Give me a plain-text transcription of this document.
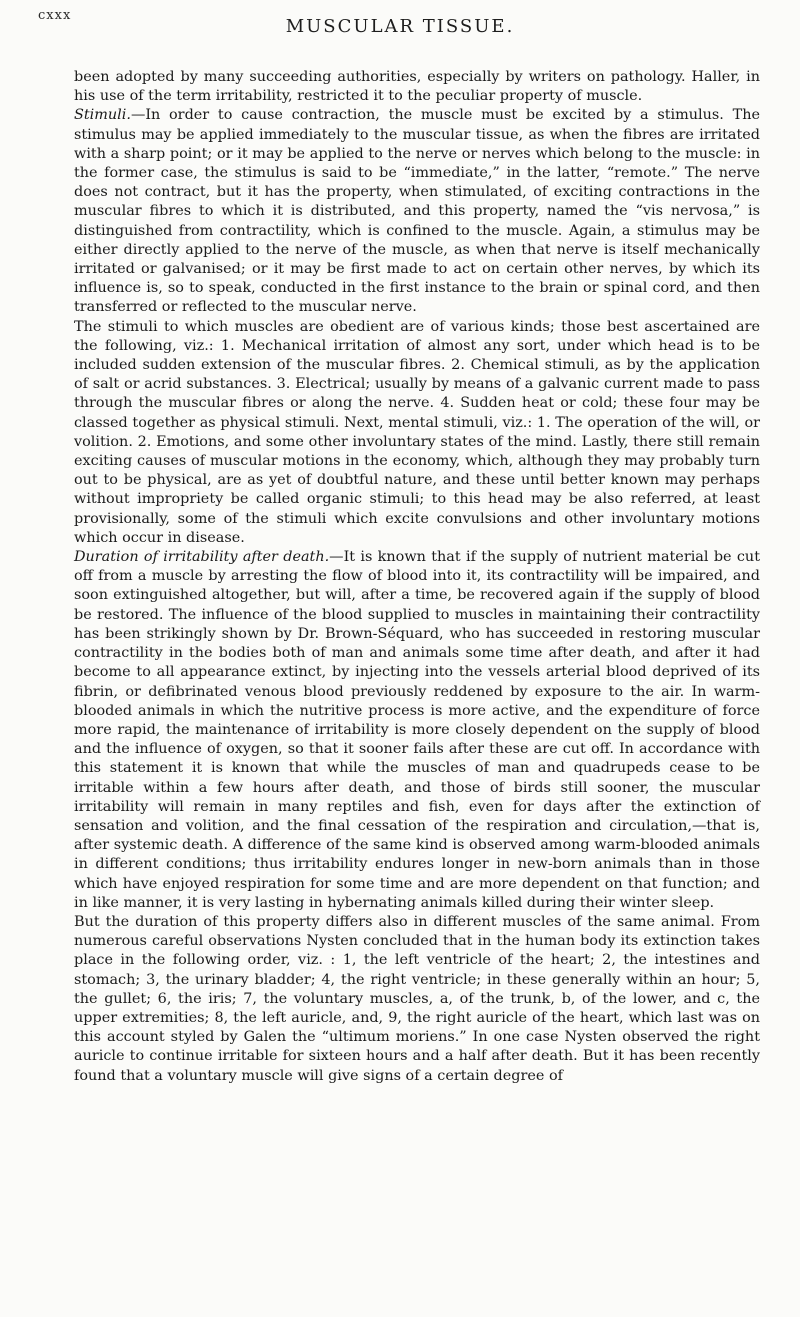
cxxx
MUSCULAR TISSUE.

been adopted by many succeeding authorities, especially by writers on pathology. Haller, in his use of the term irritability, restricted it to the peculiar property of muscle.

Stimuli.—In order to cause contraction, the muscle must be excited by a stimulus. The stimulus may be applied immediately to the muscular tissue, as when the fibres are irritated with a sharp point; or it may be applied to the nerve or nerves which belong to the muscle: in the former case, the stimulus is said to be “immediate,” in the latter, “remote.” The nerve does not contract, but it has the property, when stimulated, of exciting contractions in the muscular fibres to which it is distributed, and this property, named the “vis nervosa,” is distinguished from contractility, which is confined to the muscle. Again, a stimulus may be either directly applied to the nerve of the muscle, as when that nerve is itself mechanically irritated or galvanised; or it may be first made to act on certain other nerves, by which its influence is, so to speak, conducted in the first instance to the brain or spinal cord, and then transferred or reflected to the muscular nerve.

The stimuli to which muscles are obedient are of various kinds; those best ascertained are the following, viz.: 1. Mechanical irritation of almost any sort, under which head is to be included sudden extension of the muscular fibres. 2. Chemical stimuli, as by the application of salt or acrid substances. 3. Electrical; usually by means of a galvanic current made to pass through the muscular fibres or along the nerve. 4. Sudden heat or cold; these four may be classed together as physical stimuli. Next, mental stimuli, viz.: 1. The operation of the will, or volition. 2. Emotions, and some other involuntary states of the mind. Lastly, there still remain exciting causes of muscular motions in the economy, which, although they may probably turn out to be physical, are as yet of doubtful nature, and these until better known may perhaps without impropriety be called organic stimuli; to this head may be also referred, at least provisionally, some of the stimuli which excite convulsions and other involuntary motions which occur in disease.

Duration of irritability after death.—It is known that if the supply of nutrient material be cut off from a muscle by arresting the flow of blood into it, its contractility will be impaired, and soon extinguished altogether, but will, after a time, be recovered again if the supply of blood be restored. The influence of the blood supplied to muscles in maintaining their contractility has been strikingly shown by Dr. Brown-Séquard, who has succeeded in restoring muscular contractility in the bodies both of man and animals some time after death, and after it had become to all appearance extinct, by injecting into the vessels arterial blood deprived of its fibrin, or defibrinated venous blood previously reddened by exposure to the air. In warm-blooded animals in which the nutritive process is more active, and the expenditure of force more rapid, the maintenance of irritability is more closely dependent on the supply of blood and the influence of oxygen, so that it sooner fails after these are cut off. In accordance with this statement it is known that while the muscles of man and quadrupeds cease to be irritable within a few hours after death, and those of birds still sooner, the muscular irritability will remain in many reptiles and fish, even for days after the extinction of sensation and volition, and the final cessation of the respiration and circulation,—that is, after systemic death. A difference of the same kind is observed among warm-blooded animals in different conditions; thus irritability endures longer in new-born animals than in those which have enjoyed respiration for some time and are more dependent on that function; and in like manner, it is very lasting in hybernating animals killed during their winter sleep.

But the duration of this property differs also in different muscles of the same animal. From numerous careful observations Nysten concluded that in the human body its extinction takes place in the following order, viz. : 1, the left ventricle of the heart; 2, the intestines and stomach; 3, the urinary bladder; 4, the right ventricle; in these generally within an hour; 5, the gullet; 6, the iris; 7, the voluntary muscles, a, of the trunk, b, of the lower, and c, the upper extremities; 8, the left auricle, and, 9, the right auricle of the heart, which last was on this account styled by Galen the “ultimum moriens.” In one case Nysten observed the right auricle to continue irritable for sixteen hours and a half after death. But it has been recently found that a voluntary muscle will give signs of a certain degree of
